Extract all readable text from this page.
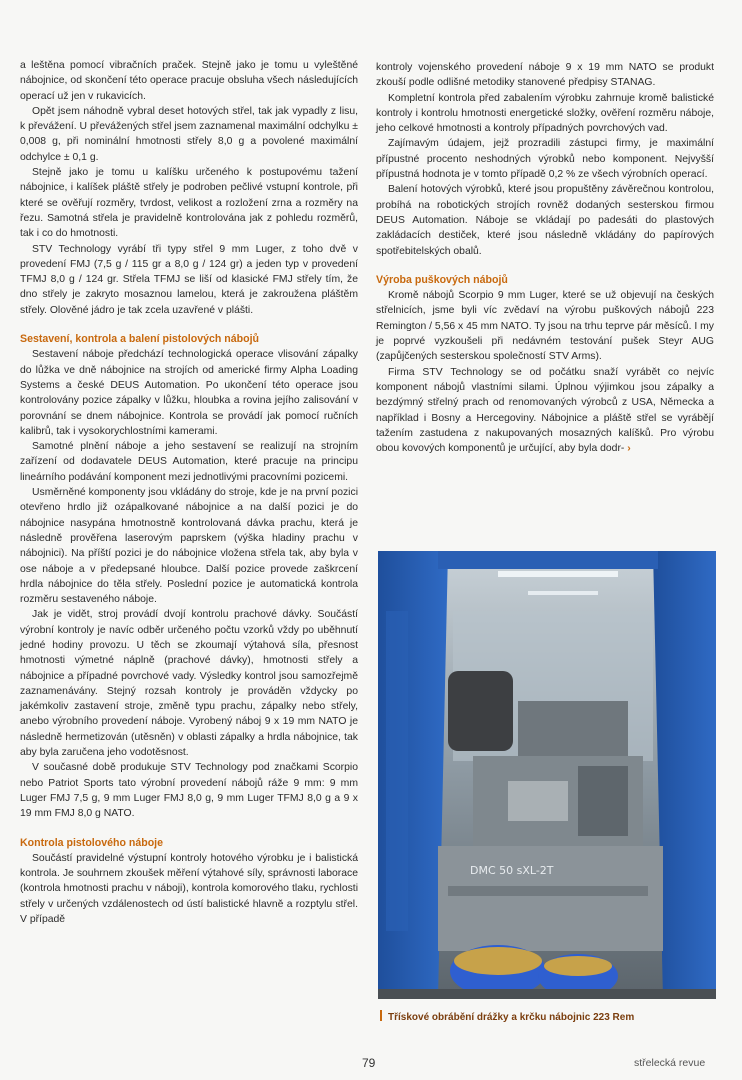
a leštěna pomocí vibračních praček. Stejně jako je tomu u vyleštěné nábojnice, od skončení této operace pracuje obsluha všech následujících operací už jen v rukavicích.

Opět jsem náhodně vybral deset hotových střel, tak jak vypadly z lisu, k převážení. U převážených střel jsem zaznamenal maximální odchylku ± 0,008 g, při nominální hmotnosti střely 8,0 g a povolené maximální odchylce ± 0,1 g.

Stejně jako je tomu u kalíšku určeného k postupovému tažení nábojnice, i kalíšek pláště střely je podroben pečlivé vstupní kontrole, při které se ověřují rozměry, tvrdost, velikost a rozložení zrna a rozměry na řezu. Samotná střela je pravidelně kontrolována jak z pohledu rozměrů, tak i co do hmotnosti.

STV Technology vyrábí tři typy střel 9 mm Luger, z toho dvě v provedení FMJ (7,5 g / 115 gr a 8,0 g / 124 gr) a jeden typ v provedení TFMJ 8,0 g / 124 gr. Střela TFMJ se liší od klasické FMJ střely tím, že dno střely je zakryto mosaznou lamelou, která je zakroužena pláštěm střely. Olověné jádro je tak zcela uzavřené v plášti.

Sestavení, kontrola a balení pistolových nábojů

Sestavení náboje předchází technologická operace vlisování zápalky do lůžka ve dně nábojnice na strojích od americké firmy Alpha Loading Systems a české DEUS Automation. Po ukončení této operace jsou kontrolovány pozice zápalky v lůžku, hloubka a rovina jejího zalisování v porovnání se dnem nábojnice. Kontrola se provádí jak pomocí ručních kalibrů, tak i vysokorychlostními kamerami.

Samotné plnění náboje a jeho sestavení se realizují na strojním zařízení od dodavatele DEUS Automation, které pracuje na principu lineárního podávání komponent mezi jednotlivými pracovními pozicemi.

Usměrněné komponenty jsou vkládány do stroje, kde je na první pozici otevřeno hrdlo již ozápalkované nábojnice a na další pozici je do nábojnice nasypána hmotnostně kontrolovaná dávka prachu, která je následně prověřena laserovým paprskem (výška hladiny prachu v nábojnici). Na příští pozici je do nábojnice vložena střela tak, aby byla v ose náboje a v předepsané hloubce. Další pozice provede zaškrcení hrdla nábojnice do těla střely. Poslední pozice je automatická kontrola rozměru sestaveného náboje.

Jak je vidět, stroj provádí dvojí kontrolu prachové dávky. Součástí výrobní kontroly je navíc odběr určeného počtu vzorků vždy po uběhnutí jedné hodiny provozu. U těch se zkoumají výtahová síla, přesnost hmotnosti výmetné náplně (prachové dávky), hmotnosti střely a nábojnice a případné povrchové vady. Výsledky kontrol jsou samozřejmě zaznamenávány. Stejný rozsah kontroly je prováděn vždycky po jakémkoliv zastavení stroje, změně typu prachu, zápalky nebo střely, anebo výrobního provedení náboje. Vyrobený náboj 9 x 19 mm NATO je následně hermetizován (utěsněn) v oblasti zápalky a hrdla nábojnice, tak aby byla zaručena jeho vodotěsnost.

V současné době produkuje STV Technology pod značkami Scorpio nebo Patriot Sports tato výrobní provedení nábojů ráže 9 mm: 9 mm Luger FMJ 7,5 g, 9 mm Luger FMJ 8,0 g, 9 mm Luger TFMJ 8,0 g a 9 x 19 mm FMJ 8,0 g NATO.

Kontrola pistolového náboje

Součástí pravidelné výstupní kontroly hotového výrobku je i balistická kontrola. Je souhrnem zkoušek měření výtahové síly, správnosti laborace (kontrola hmotnosti prachu v náboji), kontrola komorového tlaku, rychlosti střely v určených vzdálenostech od ústí balistické hlavně a rozptylu střel. V případě

kontroly vojenského provedení náboje 9 x 19 mm NATO se produkt zkouší podle odlišné metodiky stanovené předpisy STANAG.

Kompletní kontrola před zabalením výrobku zahrnuje kromě balistické kontroly i kontrolu hmotnosti energetické složky, ověření rozměru náboje, jeho celkové hmotnosti a kontroly případných povrchových vad.

Zajímavým údajem, jejž prozradili zástupci firmy, je maximální přípustné procento neshodných výrobků nebo komponent. Nejvyšší přípustná hodnota je v tomto případě 0,2 % ze všech výrobních operací.

Balení hotových výrobků, které jsou propuštěny závěrečnou kontrolou, probíhá na robotických strojích rovněž dodaných sesterskou firmou DEUS Automation. Náboje se vkládají po padesáti do plastových zakládacích destiček, které jsou následně vkládány do papírových spotřebitelských obalů.

Výroba puškových nábojů

Kromě nábojů Scorpio 9 mm Luger, které se už objevují na českých střelnicích, jsme byli víc zvědaví na výrobu puškových nábojů 223 Remington / 5,56 x 45 mm NATO. Ty jsou na trhu teprve pár měsíců. I my je poprvé vyzkoušeli při nedávném testování pušek Steyr AUG (zapůjčených sesterskou společností STV Arms).

Firma STV Technology se od počátku snaží vyrábět co nejvíc komponent nábojů vlastními silami. Úplnou výjimkou jsou zápalky a bezdýmný střelný prach od renomovaných výrobců z USA, Německa a například i Bosny a Hercegoviny. Nábojnice a pláště střel se vyrábějí tažením zastudena z nakupovaných mosazných kalíšků. Pro výrobu obou kovových komponentů je určující, aby byla dodr- ›

DMC 50 sXL-2T
Třískové obrábění drážky a krčku nábojnic 223 Rem
79	střelecká revue
